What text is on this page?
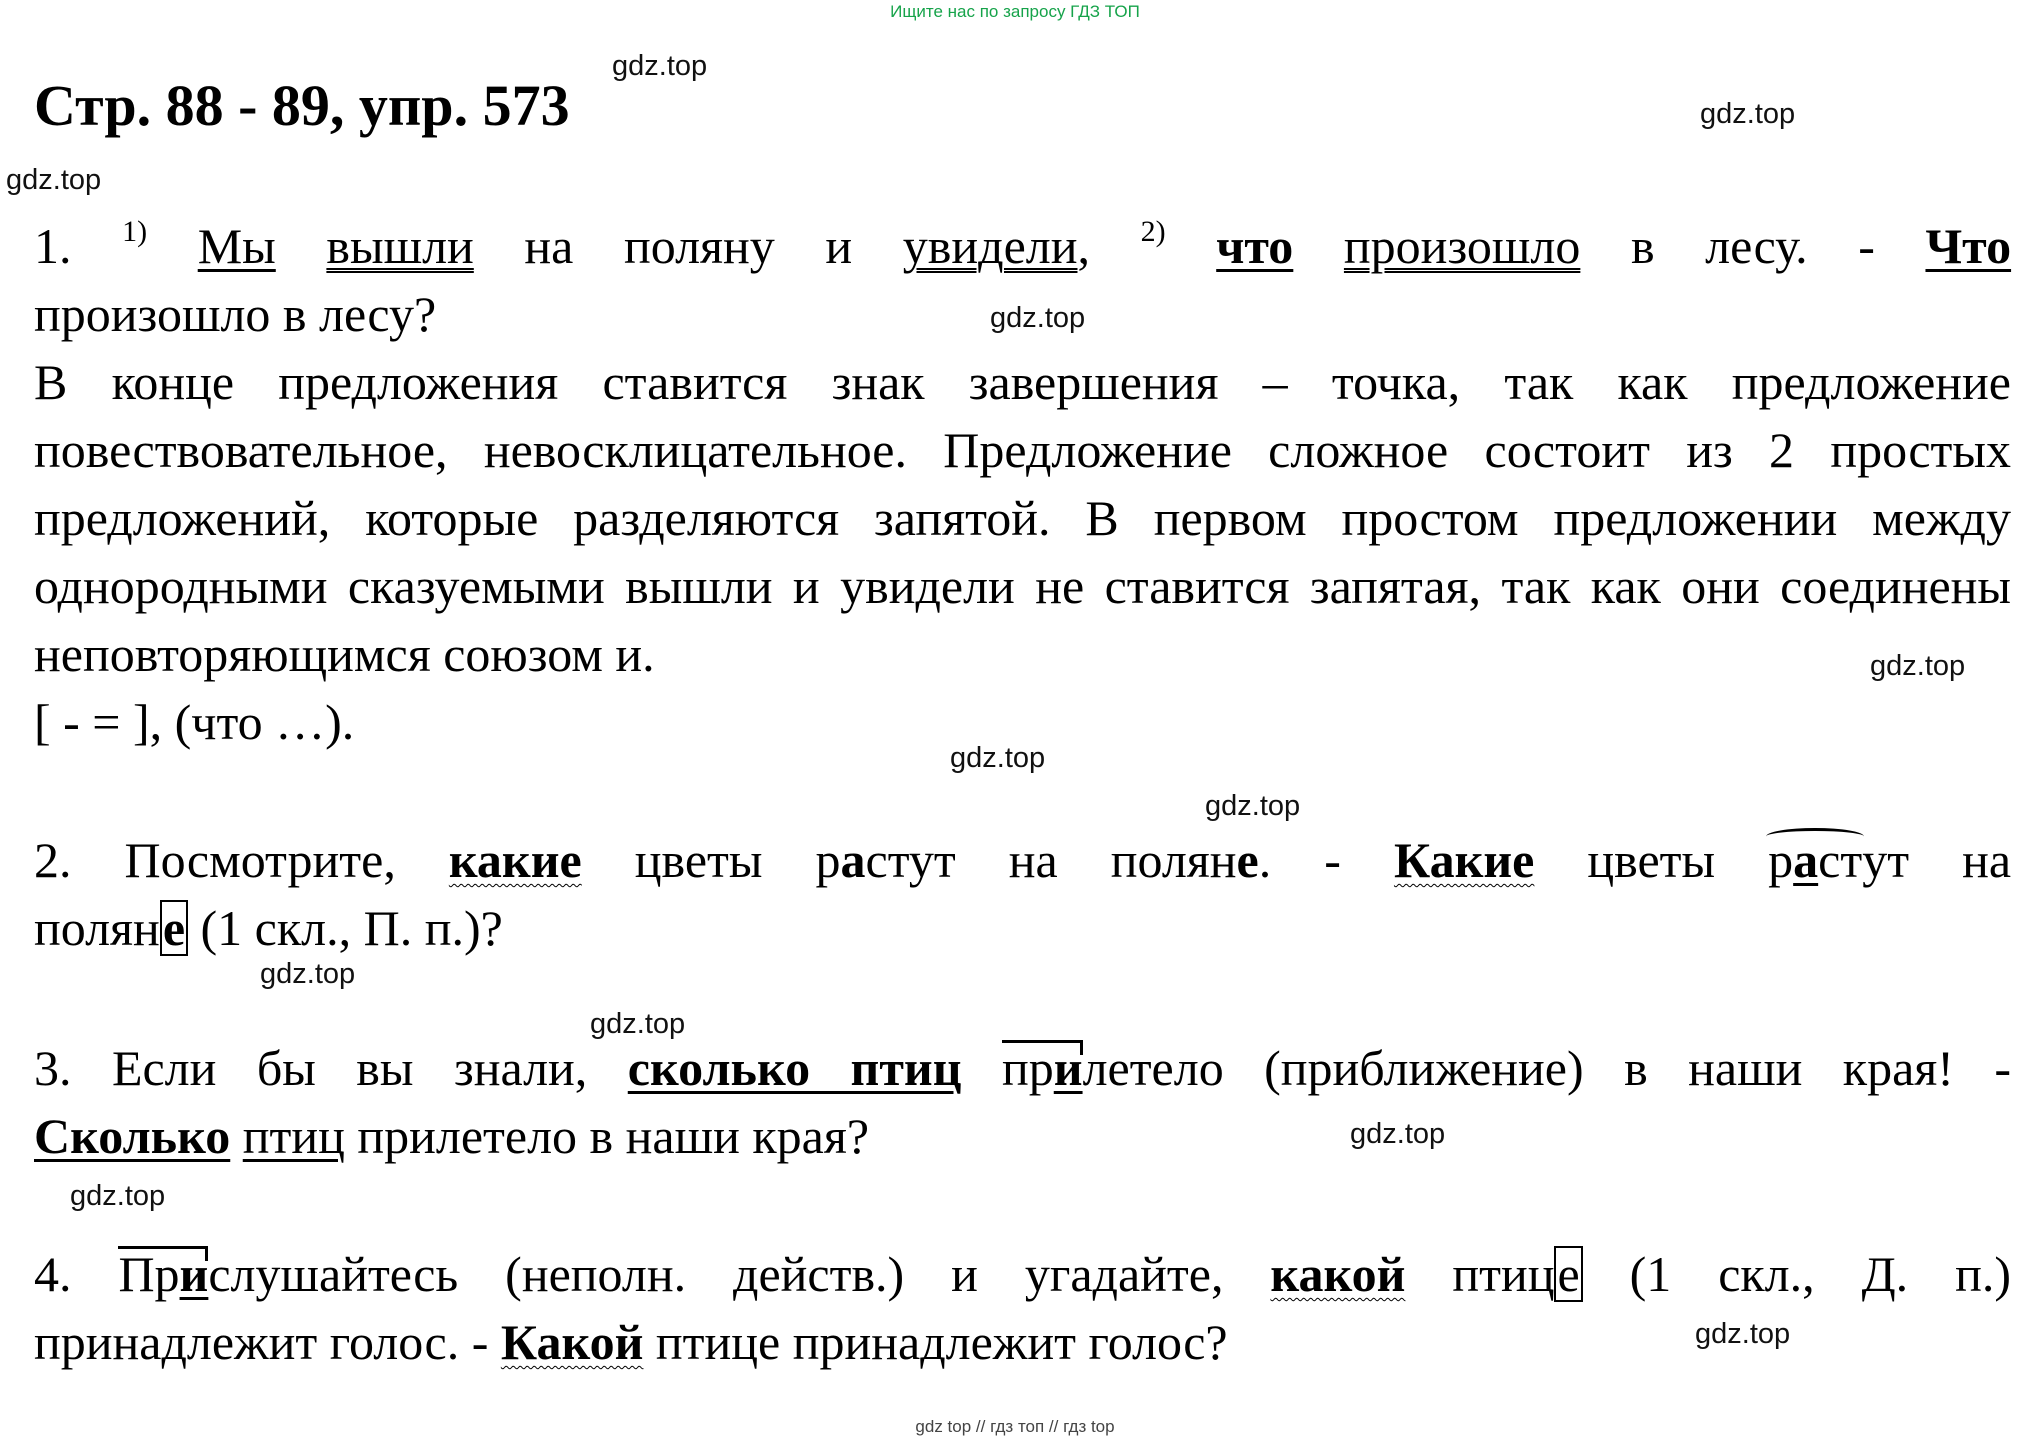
Ищите нас по запросу ГДЗ ТОП
gdz.top
gdz.top
gdz.top
gdz.top
gdz.top
gdz.top
gdz.top
gdz.top
gdz.top
gdz.top
gdz.top
gdz.top
Стр. 88 - 89, упр. 573
1. $^{1)}$ Мы вышли на поляну и увидели, $^{2)}$ что произошло в лесу. - Что
произошло в лесу?
В конце предложения ставится знак завершения – точка, так как предложение повествовательное, невосклицательное. Предложение сложное состоит из 2 простых предложений, которые разделяются запятой. В первом простом предложении между однородными сказуемыми вышли и увидели не ставится запятая, так как они соединены неповторяющимся союзом и.
[ - = ], (что …).
2. Посмотрите, какие цветы растут на поляне. - Какие цветы растут на
поляне (1 скл., П. п.)?
3. Если бы вы знали, сколько птиц прилетело (приближение) в наши края! -
Сколько птиц прилетело в наши края?
4. Прислушайтесь (неполн. действ.) и угадайте, какой птице (1 скл., Д. п.)
принадлежит голос. - Какой птице принадлежит голос?
gdz top // гдз топ // гдз top
